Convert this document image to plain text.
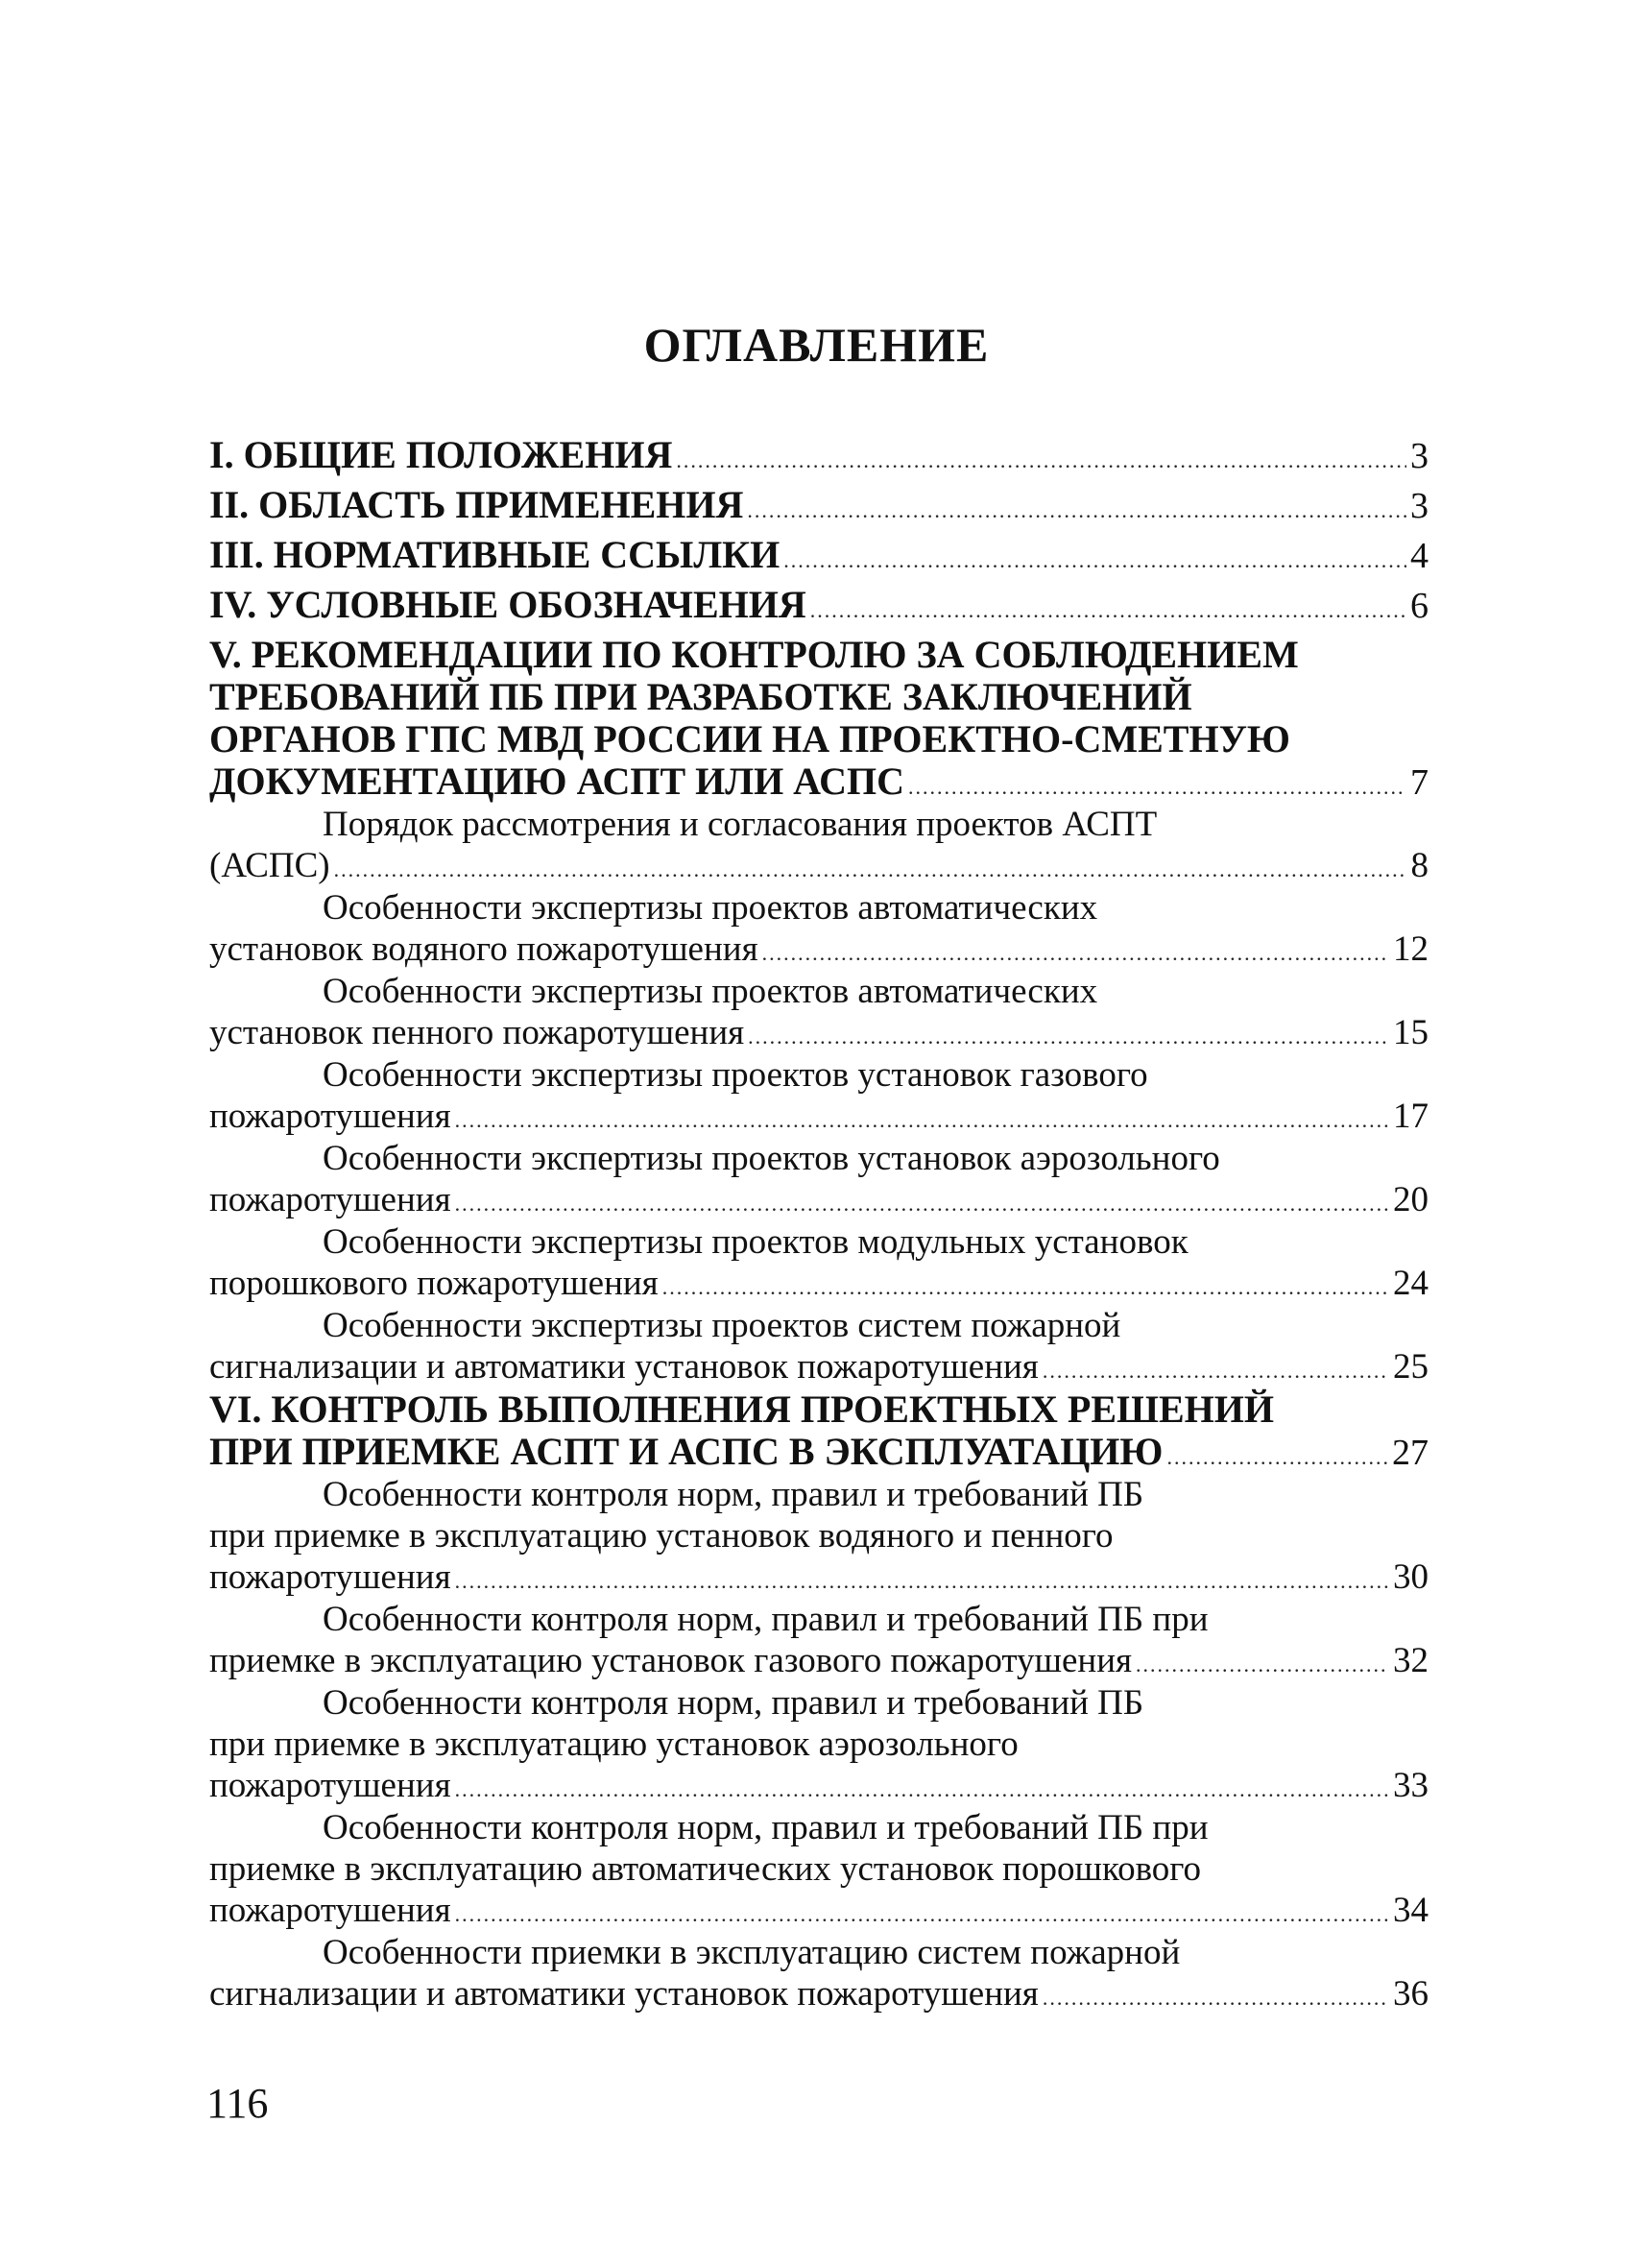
ОГЛАВЛЕНИЕ
I. ОБЩИЕ ПОЛОЖЕНИЯ .....	3
II. ОБЛАСТЬ ПРИМЕНЕНИЯ .....	3
III. НОРМАТИВНЫЕ ССЫЛКИ .....	4
IV. УСЛОВНЫЕ ОБОЗНАЧЕНИЯ .....	6
V. РЕКОМЕНДАЦИИ ПО КОНТРОЛЮ ЗА СОБЛЮДЕНИЕМ
ТРЕБОВАНИЙ ПБ ПРИ РАЗРАБОТКЕ ЗАКЛЮЧЕНИЙ
ОРГАНОВ ГПС МВД РОССИИ НА ПРОЕКТНО-СМЕТНУЮ
ДОКУМЕНТАЦИЮ АСПТ ИЛИ АСПС .....	7
Порядок рассмотрения и согласования проектов АСПТ
(АСПС) .....	8
Особенности экспертизы проектов автоматических
установок водяного пожаротушения .....	12
Особенности экспертизы проектов автоматических
установок пенного пожаротушения .....	15
Особенности экспертизы проектов установок газового
пожаротушения .....	17
Особенности экспертизы проектов установок аэрозольного
пожаротушения .....	20
Особенности экспертизы проектов модульных установок
порошкового пожаротушения .....	24
Особенности экспертизы проектов систем пожарной
сигнализации и автоматики установок пожаротушения .....	25
VI. КОНТРОЛЬ ВЫПОЛНЕНИЯ ПРОЕКТНЫХ РЕШЕНИЙ
ПРИ ПРИЕМКЕ АСПТ И АСПС В ЭКСПЛУАТАЦИЮ .....	27
Особенности контроля норм, правил и требований ПБ
при приемке в эксплуатацию установок водяного и пенного
пожаротушения .....	30
Особенности контроля норм, правил и требований ПБ при
приемке в эксплуатацию установок газового пожаротушения .....	32
Особенности контроля норм, правил и требований ПБ
при приемке в эксплуатацию установок аэрозольного
пожаротушения .....	33
Особенности контроля норм, правил и требований ПБ при
приемке в эксплуатацию автоматических установок порошкового
пожаротушения .....	34
Особенности приемки в эксплуатацию систем пожарной
сигнализации и автоматики установок пожаротушения .....	36
116
